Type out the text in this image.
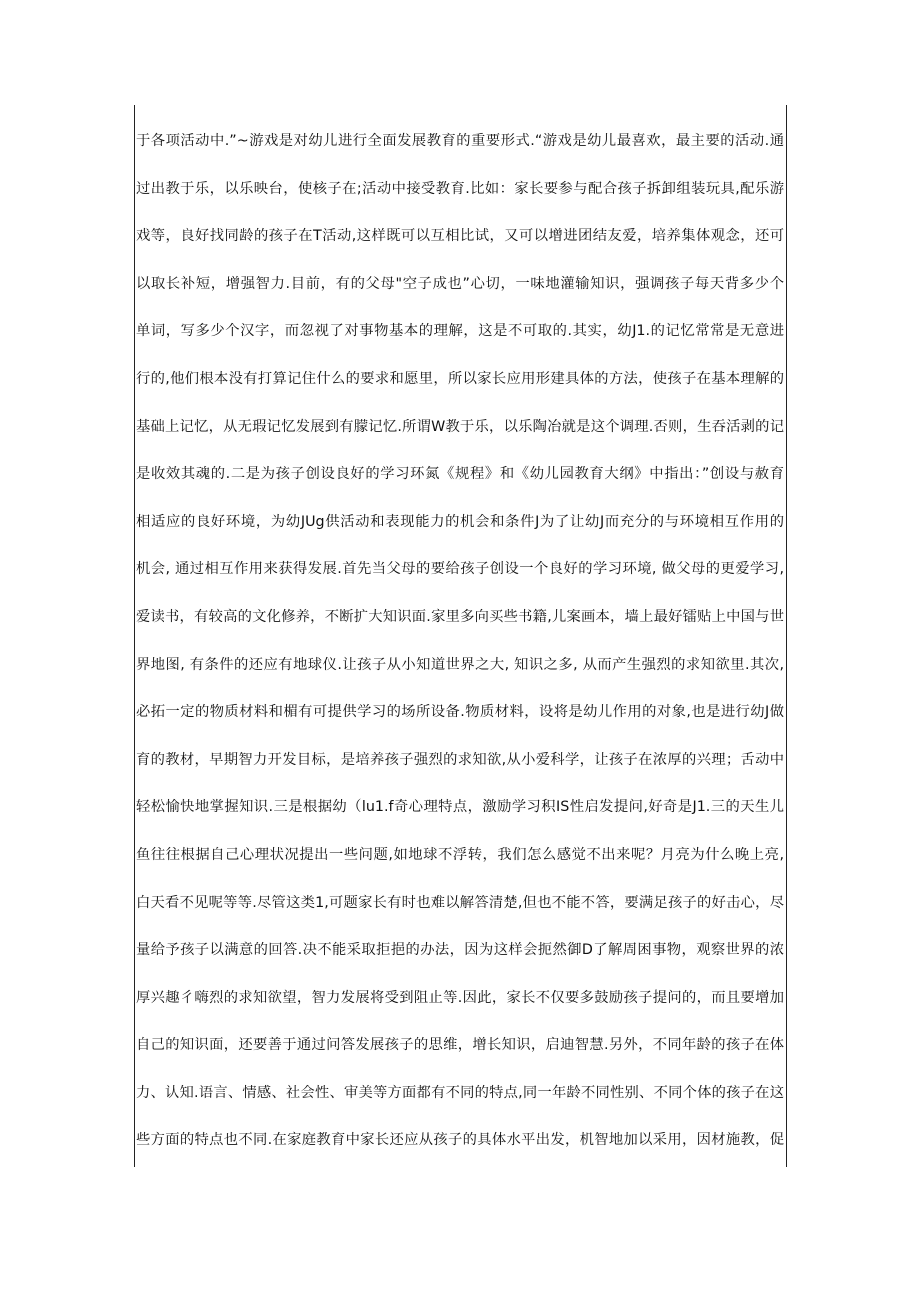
于各项活动中.”~游戏是对幼儿进行全面发展教育的重要形式.“游戏是幼儿最喜欢，最主要的活动.通
过出教于乐，以乐映台，使核子在;活动中接受教育.比如：家长要参与配合孩子拆卸组装玩具,配乐游
戏等，良好找同龄的孩子在T活动,这样既可以互相比试，又可以增进团结友爱，培养集体观念，还可
以取长补短，增强智力.目前，有的父母"空子成也”心切，一味地灌输知识，强调孩子每天背多少个
单词，写多少个汉字，而忽视了对事物基本的理解，这是不可取的.其实，幼J1.的记忆常常是无意进
行的,他们根本没有打算记住什么的要求和愿里，所以家长应用形建具体的方法，使孩子在基本理解的
基础上记忆，从无瑕记忆发展到有朦记忆.所谓W教于乐，以乐陶冶就是这个调理.否则，生吞活剥的记
是收效其魂的.二是为孩子创设良好的学习环氮《规程》和《幼儿园教育大纲》中指出：”创设与赦育
相适应的良好环境，为幼JUg供活动和表现能力的机会和条件J为了让幼J而充分的与环境相互作用的
机会, 通过相互作用来获得发展.首先当父母的要给孩子创设一个良好的学习环境, 做父母的更爱学习,
爱读书，有较高的文化修养，不断扩大知识面.家里多向买些书籍,儿案画本，墙上最好镭贴上中国与世
界地图, 有条件的还应有地球仪.让孩子从小知道世界之大, 知识之多, 从而产生强烈的求知欲里.其次,
必拓一定的物质材料和楣有可提供学习的场所设备.物质材料，设将是幼儿作用的对象,也是进行幼J做
育的教材，早期智力开发目标，是培养孩子强烈的求知欲,从小爱科学，让孩子在浓厚的兴理；舌动中
轻松愉快地掌握知识.三是根据幼（lu1.f奇心理特点，激励学习积IS性启发提问,好奇是J1.三的天生儿
鱼往往根据自己心理状况提出一些问题,如地球不浮转，我们怎么感觉不出来呢？月亮为什么晚上亮,
白天看不见呢等等.尽管这类1,可题家长有时也难以解答清楚,但也不能不答，要满足孩子的好击心，尽
量给予孩子以满意的回答.决不能采取拒挹的办法，因为这样会扼然御D了解周困事物，观察世界的浓
厚兴趣彳嗨烈的求知欲望，智力发展将受到阻止等.因此，家长不仅要多鼓励孩子提问的，而且要增加
自己的知识面，还要善于通过问答发展孩子的思维，增长知识，启迪智慧.另外，不同年龄的孩子在体
力、认知.语言、情感、社会性、审美等方面都有不同的特点,同一年龄不同性别、不同个体的孩子在这
些方面的特点也不同.在家庭教育中家长还应从孩子的具体水平出发，机智地加以采用，因材施教，促
